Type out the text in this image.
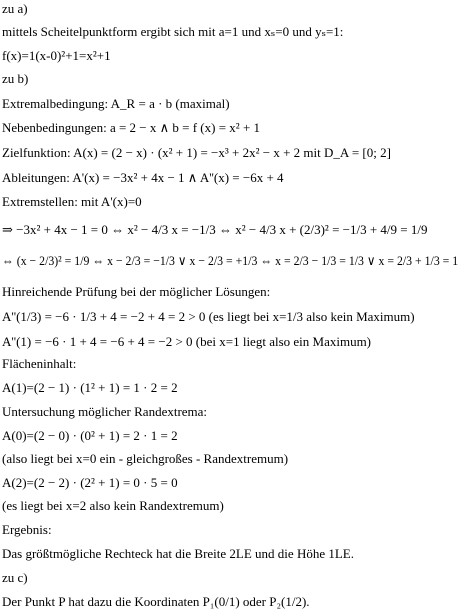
zu a)
mittels Scheitelpunktform ergibt sich mit a=1 und xₛ=0 und yₛ=1:
f(x)=1(x-0)²+1=x²+1
zu b)
Extremalbedingung: A_R = a · b (maximal)
Nebenbedingungen: a = 2 − x ∧ b = f (x) = x² + 1
Zielfunktion: A(x) = (2 − x) · (x² + 1) = −x³ + 2x² − x + 2 mit D_A = [0; 2]
Ableitungen: A'(x) = −3x² + 4x − 1 ∧ A''(x) = −6x + 4
Extremstellen: mit A'(x)=0
⇒ −3x² + 4x − 1 = 0 ⇔ x² − 4/3 x = −1/3 ⇔ x² − 4/3 x + (2/3)² = −1/3 + 4/9 = 1/9
⇔ (x − 2/3)² = 1/9 ⇔ x − 2/3 = −1/3 ∨ x − 2/3 = +1/3 ⇔ x = 2/3 − 1/3 = 1/3 ∨ x = 2/3 + 1/3 = 1
Hinreichende Prüfung bei der möglicher Lösungen:
A''(1/3) = −6 · 1/3 + 4 = −2 + 4 = 2 > 0 (es liegt bei x=1/3 also kein Maximum)
A''(1) = −6 · 1 + 4 = −6 + 4 = −2 > 0 (bei x=1 liegt also ein Maximum)
Flächeninhalt:
A(1)=(2 − 1) · (1² + 1) = 1 · 2 = 2
Untersuchung möglicher Randextrema:
A(0)=(2 − 0) · (0² + 1) = 2 · 1 = 2
(also liegt bei x=0 ein - gleichgroßes - Randextremum)
A(2)=(2 − 2) · (2² + 1) = 0 · 5 = 0
(es liegt bei x=2 also kein Randextremum)
Ergebnis:
Das größtmögliche Rechteck hat die Breite 2LE und die Höhe 1LE.
zu c)
Der Punkt P hat dazu die Koordinaten P₁(0/1) oder P₂(1/2).
